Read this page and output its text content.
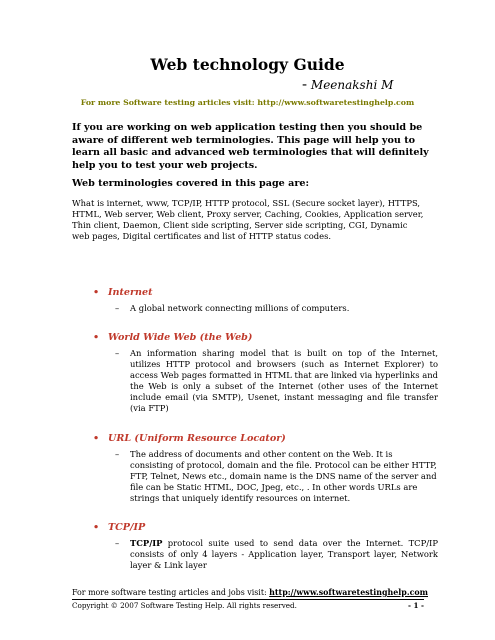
Web technology Guide
- Meenakshi M
For more Software testing articles visit: http://www.softwaretestinghelp.com
If you are working on web application testing then you should be aware of different web terminologies. This page will help you to learn all basic and advanced web terminologies that will definitely help you to test your web projects.
Web terminologies covered in this page are:
What is internet, www, TCP/IP, HTTP protocol, SSL (Secure socket layer), HTTPS, HTML, Web server, Web client, Proxy server, Caching, Cookies, Application server, Thin client, Daemon, Client side scripting, Server side scripting, CGI, Dynamic web pages, Digital certificates and list of HTTP status codes.
• Internet
– A global network connecting millions of computers.
• World Wide Web (the Web)
– An information sharing model that is built on top of the Internet, utilizes HTTP protocol and browsers (such as Internet Explorer) to access Web pages formatted in HTML that are linked via hyperlinks and the Web is only a subset of the Internet (other uses of the Internet include email (via SMTP), Usenet, instant messaging and file transfer (via FTP)
• URL (Uniform Resource Locator)
– The address of documents and other content on the Web. It is consisting of protocol, domain and the file. Protocol can be either HTTP, FTP, Telnet, News etc., domain name is the DNS name of the server and file can be Static HTML, DOC, Jpeg, etc., . In other words URLs are strings that uniquely identify resources on internet.
• TCP/IP
– TCP/IP protocol suite used to send data over the Internet. TCP/IP consists of only 4 layers - Application layer, Transport layer, Network layer & Link layer
For more software testing articles and jobs visit: http://www.softwaretestinghelp.com
Copyright © 2007 Software Testing Help. All rights reserved.	- 1 -
